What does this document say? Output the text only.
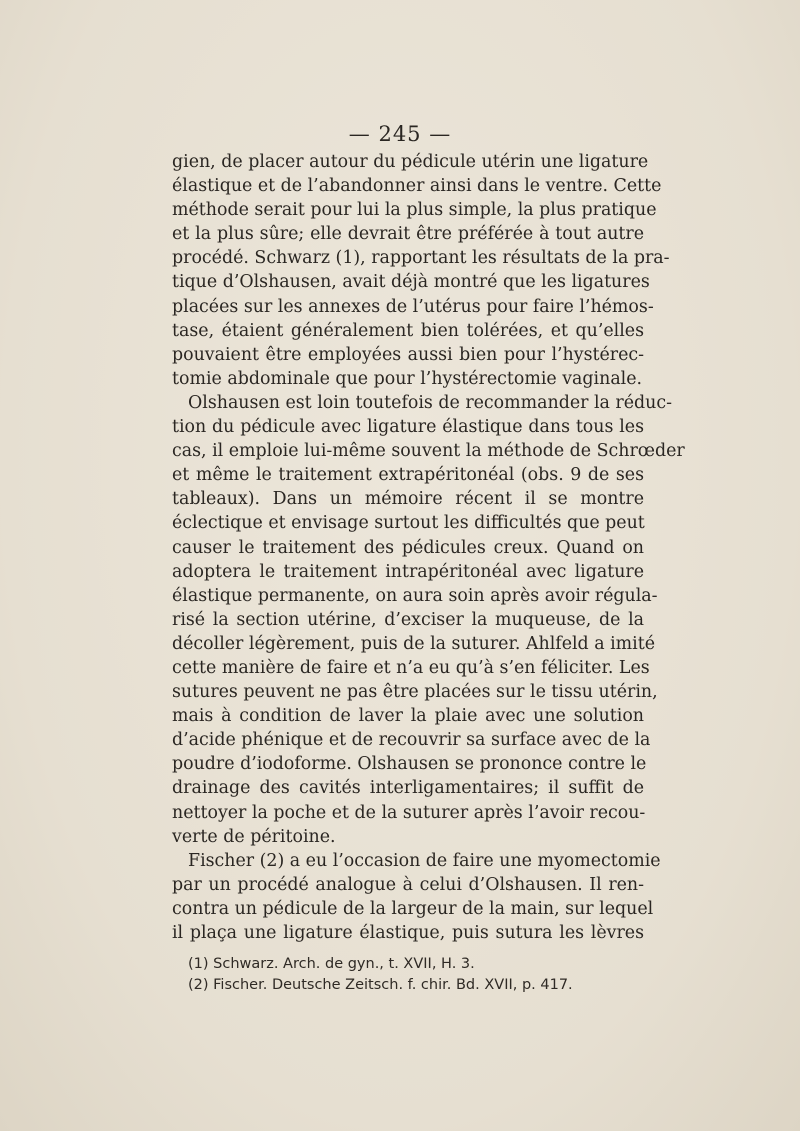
— 245 —
gien, de placer autour du pédicule utérin une ligature
élastique et de l’abandonner ainsi dans le ventre. Cette
méthode serait pour lui la plus simple, la plus pratique
et la plus sûre; elle devrait être préférée à tout autre
procédé. Schwarz (1), rapportant les résultats de la pra-
tique d’Olshausen, avait déjà montré que les ligatures
placées sur les annexes de l’utérus pour faire l’hémos-
tase, étaient généralement bien tolérées, et qu’elles
pouvaient être employées aussi bien pour l’hystérec-
tomie abdominale que pour l’hystérectomie vaginale.
Olshausen est loin toutefois de recommander la réduc-
tion du pédicule avec ligature élastique dans tous les
cas, il emploie lui-même souvent la méthode de Schrœder
et même le traitement extrapéritonéal (obs. 9 de ses
tableaux). Dans un mémoire récent il se montre
éclectique et envisage surtout les difficultés que peut
causer le traitement des pédicules creux. Quand on
adoptera le traitement intrapéritonéal avec ligature
élastique permanente, on aura soin après avoir régula-
risé la section utérine, d’exciser la muqueuse, de la
décoller légèrement, puis de la suturer. Ahlfeld a imité
cette manière de faire et n’a eu qu’à s’en féliciter. Les
sutures peuvent ne pas être placées sur le tissu utérin,
mais à condition de laver la plaie avec une solution
d’acide phénique et de recouvrir sa surface avec de la
poudre d’iodoforme. Olshausen se prononce contre le
drainage des cavités interligamentaires; il suffit de
nettoyer la poche et de la suturer après l’avoir recou-
verte de péritoine.
Fischer (2) a eu l’occasion de faire une myomectomie
par un procédé analogue à celui d’Olshausen. Il ren-
contra un pédicule de la largeur de la main, sur lequel
il plaça une ligature élastique, puis sutura les lèvres
(1) Schwarz. Arch. de gyn., t. XVII, H. 3.
(2) Fischer. Deutsche Zeitsch. f. chir. Bd. XVII, p. 417.
